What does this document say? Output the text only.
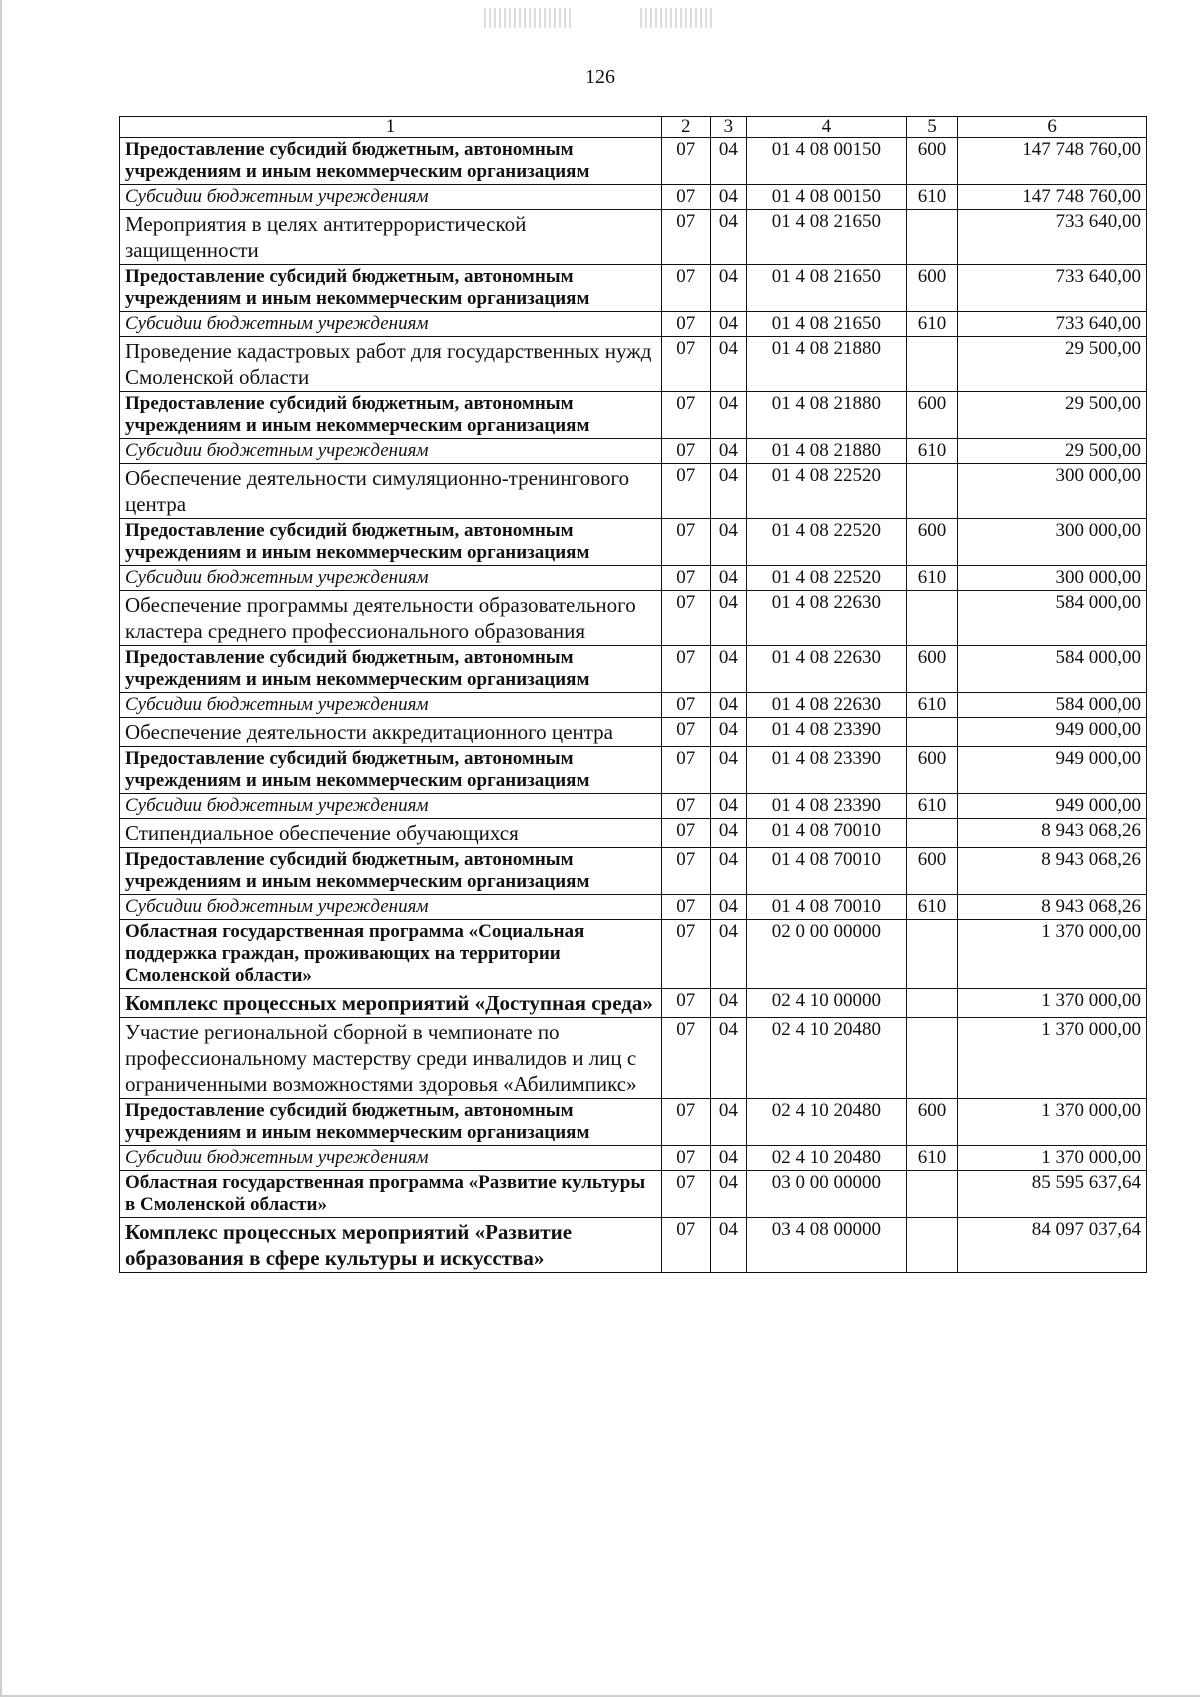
126
1	2	3	4	5	6
Предоставление субсидий бюджетным, автономным учреждениям и иным некоммерческим организациям	07	04	01 4 08 00150	600	147 748 760,00
Субсидии бюджетным учреждениям	07	04	01 4 08 00150	610	147 748 760,00
Мероприятия в целях антитеррористической защищенности	07	04	01 4 08 21650		733 640,00
Предоставление субсидий бюджетным, автономным учреждениям и иным некоммерческим организациям	07	04	01 4 08 21650	600	733 640,00
Субсидии бюджетным учреждениям	07	04	01 4 08 21650	610	733 640,00
Проведение кадастровых работ для государственных нужд Смоленской области	07	04	01 4 08 21880		29 500,00
Предоставление субсидий бюджетным, автономным учреждениям и иным некоммерческим организациям	07	04	01 4 08 21880	600	29 500,00
Субсидии бюджетным учреждениям	07	04	01 4 08 21880	610	29 500,00
Обеспечение деятельности симуляционно-тренингового центра	07	04	01 4 08 22520		300 000,00
Предоставление субсидий бюджетным, автономным учреждениям и иным некоммерческим организациям	07	04	01 4 08 22520	600	300 000,00
Субсидии бюджетным учреждениям	07	04	01 4 08 22520	610	300 000,00
Обеспечение программы деятельности образовательного кластера среднего профессионального образования	07	04	01 4 08 22630		584 000,00
Предоставление субсидий бюджетным, автономным учреждениям и иным некоммерческим организациям	07	04	01 4 08 22630	600	584 000,00
Субсидии бюджетным учреждениям	07	04	01 4 08 22630	610	584 000,00
Обеспечение деятельности аккредитационного центра	07	04	01 4 08 23390		949 000,00
Предоставление субсидий бюджетным, автономным учреждениям и иным некоммерческим организациям	07	04	01 4 08 23390	600	949 000,00
Субсидии бюджетным учреждениям	07	04	01 4 08 23390	610	949 000,00
Стипендиальное обеспечение обучающихся	07	04	01 4 08 70010		8 943 068,26
Предоставление субсидий бюджетным, автономным учреждениям и иным некоммерческим организациям	07	04	01 4 08 70010	600	8 943 068,26
Субсидии бюджетным учреждениям	07	04	01 4 08 70010	610	8 943 068,26
Областная государственная программа «Социальная поддержка граждан, проживающих на территории Смоленской области»	07	04	02 0 00 00000		1 370 000,00
Комплекс процессных мероприятий «Доступная среда»	07	04	02 4 10 00000		1 370 000,00
Участие региональной сборной в чемпионате по профессиональному мастерству среди инвалидов и лиц с ограниченными возможностями здоровья «Абилимпикс»	07	04	02 4 10 20480		1 370 000,00
Предоставление субсидий бюджетным, автономным учреждениям и иным некоммерческим организациям	07	04	02 4 10 20480	600	1 370 000,00
Субсидии бюджетным учреждениям	07	04	02 4 10 20480	610	1 370 000,00
Областная государственная программа «Развитие культуры в Смоленской области»	07	04	03 0 00 00000		85 595 637,64
Комплекс процессных мероприятий «Развитие образования в сфере культуры и искусства»	07	04	03 4 08 00000		84 097 037,64
